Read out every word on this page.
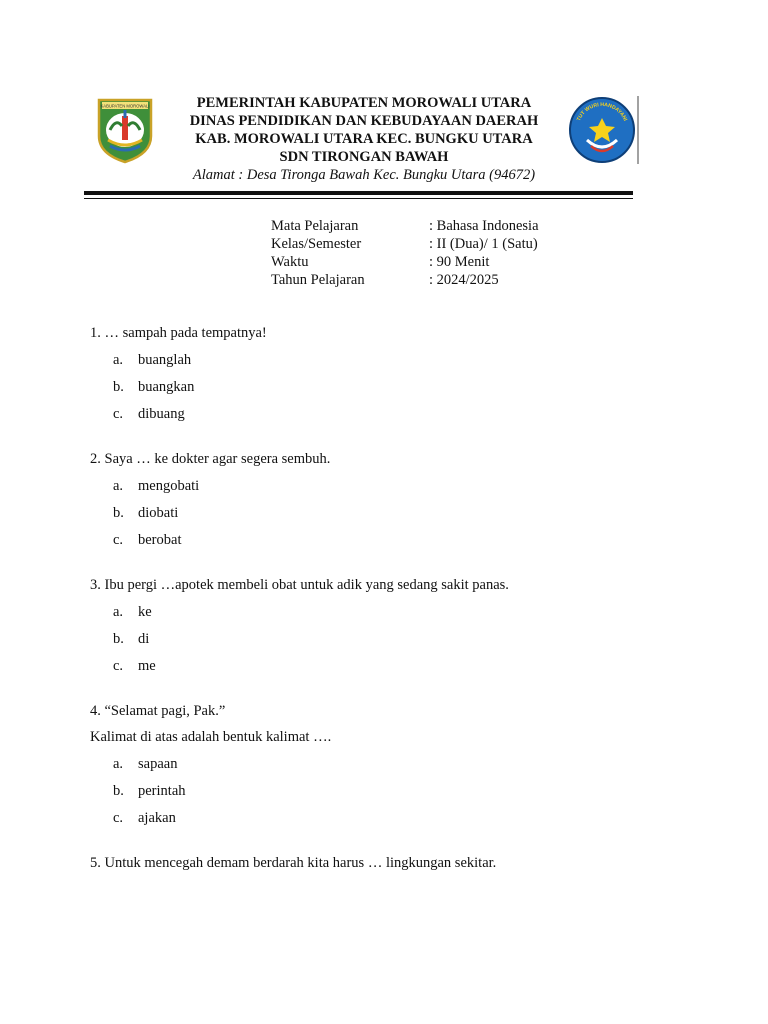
KABUPATEN MOROWALI	PEMERINTAH KABUPATEN MOROWALI UTARA
DINAS PENDIDIKAN DAN KEBUDAYAAN DAERAH
KAB. MOROWALI UTARA KEC. BUNGKU UTARA
SDN TIRONGAN BAWAH
Alamat : Desa Tironga Bawah Kec. Bungku Utara (94672)
TUT WURI HANDAYANI
Mata Pelajaran	: Bahasa Indonesia
Kelas/Semester	: II (Dua)/ 1 (Satu)
Waktu	: 90 Menit
Tahun Pelajaran	: 2024/2025
1. … sampah pada tempatnya!
a.	buanglah
b. buangkan
c.	dibuang
2. Saya … ke dokter agar segera sembuh.
a.	mengobati
b. diobati
c.	berobat
3. Ibu pergi …apotek membeli obat untuk adik yang sedang sakit panas.
a.	ke
b. di
c.	me
4. “Selamat pagi, Pak.”
Kalimat di atas adalah bentuk kalimat ….
a.	sapaan
b. perintah
c.	ajakan
5. Untuk mencegah demam berdarah kita harus … lingkungan sekitar.
